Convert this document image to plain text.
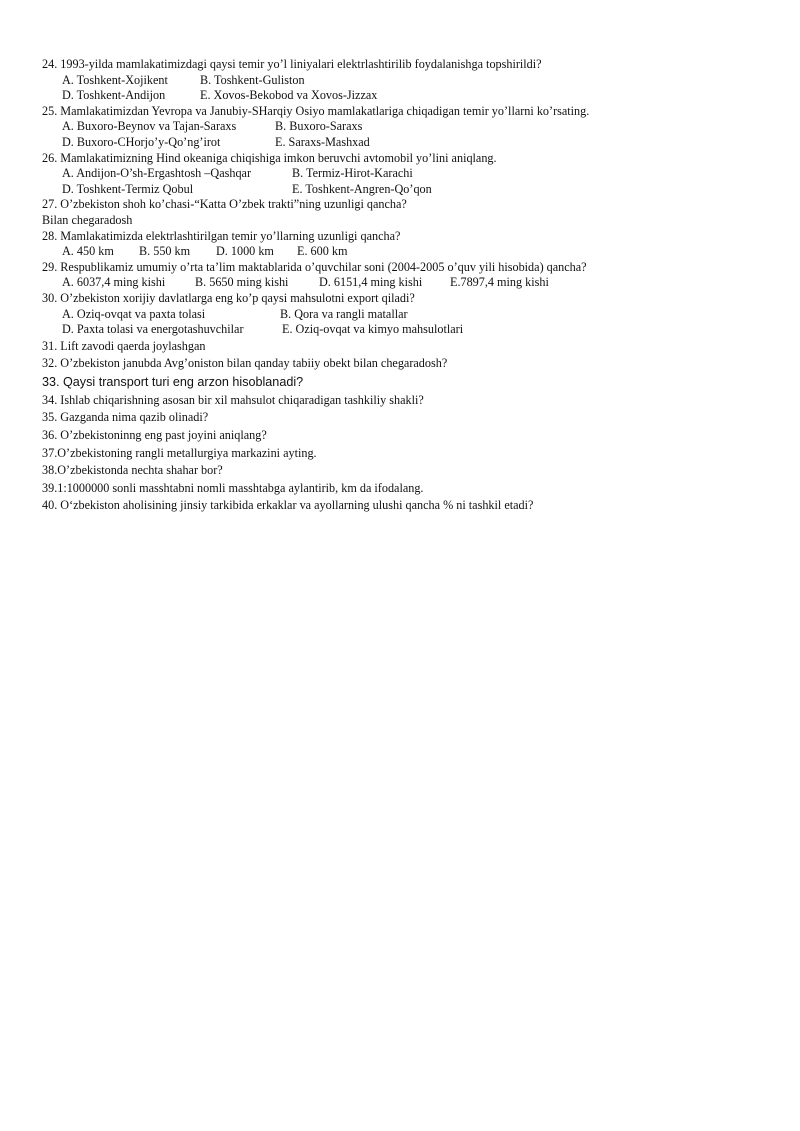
24. 1993-yilda mamlakatimizdagi qaysi temir yo’l liniyalari elektrlashtirilib foydalanishga topshirildi?
A. Toshkent-Xojikent	B. Toshkent-Guliston
D. Toshkent-Andijon	E. Xovos-Bekobod va Xovos-Jizzax
25. Mamlakatimizdan Yevropa va Janubiy-SHarqiy Osiyo mamlakatlariga chiqadigan temir yo’llarni ko’rsating.
A. Buxoro-Beynov va Tajan-Saraxs	B. Buxoro-Saraxs
D. Buxoro-CHorjo’y-Qo’ng’irot	E. Saraxs-Mashxad
26. Mamlakatimizning Hind okeaniga chiqishiga imkon beruvchi avtomobil yo’lini aniqlang.
A. Andijon-O’sh-Ergashtosh –Qashqar	B. Termiz-Hirot-Karachi
D. Toshkent-Termiz Qobul	E. Toshkent-Angren-Qo’qon
27. O’zbekiston shoh ko’chasi-“Katta O’zbek trakti”ning uzunligi qancha?
Bilan chegaradosh
28. Mamlakatimizda elektrlashtirilgan temir yo’llarning uzunligi qancha?
A. 450 km B. 550 km D. 1000 km E. 600 km
29. Respublikamiz umumiy o’rta ta’lim maktablarida o’quvchilar soni (2004-2005 o’quv yili hisobida) qancha?
A. 6037,4 ming kishi B. 5650 ming kishi	D. 6151,4 ming kishi E.7897,4 ming kishi
30. O’zbekiston xorijiy davlatlarga eng ko’p qaysi mahsulotni export qiladi?
A. Oziq-ovqat va paxta tolasi	B. Qora va rangli matallar
D. Paxta tolasi va energotashuvchilar	E. Oziq-ovqat va kimyo mahsulotlari
31. Lift zavodi qaerda joylashgan
32. O’zbekiston janubda Avg’oniston bilan qanday tabiiy obekt bilan chegaradosh?
33. Qaysi transport turi eng arzon hisoblanadi?
34. Ishlab chiqarishning asosan bir xil mahsulot chiqaradigan tashkiliy shakli?
35. Gazganda nima qazib olinadi?
36. O’zbekistoninng eng past joyini aniqlang?
37.O’zbekistoning rangli metallurgiya markazini ayting.
38.O’zbekistonda nechta shahar bor?
39.1:1000000 sonli masshtabni nomli masshtabga aylantirib, km da ifodalang.
40. O‘zbekiston aholisining jinsiy tarkibida erkaklar va ayollarning ulushi qancha % ni tashkil etadi?
